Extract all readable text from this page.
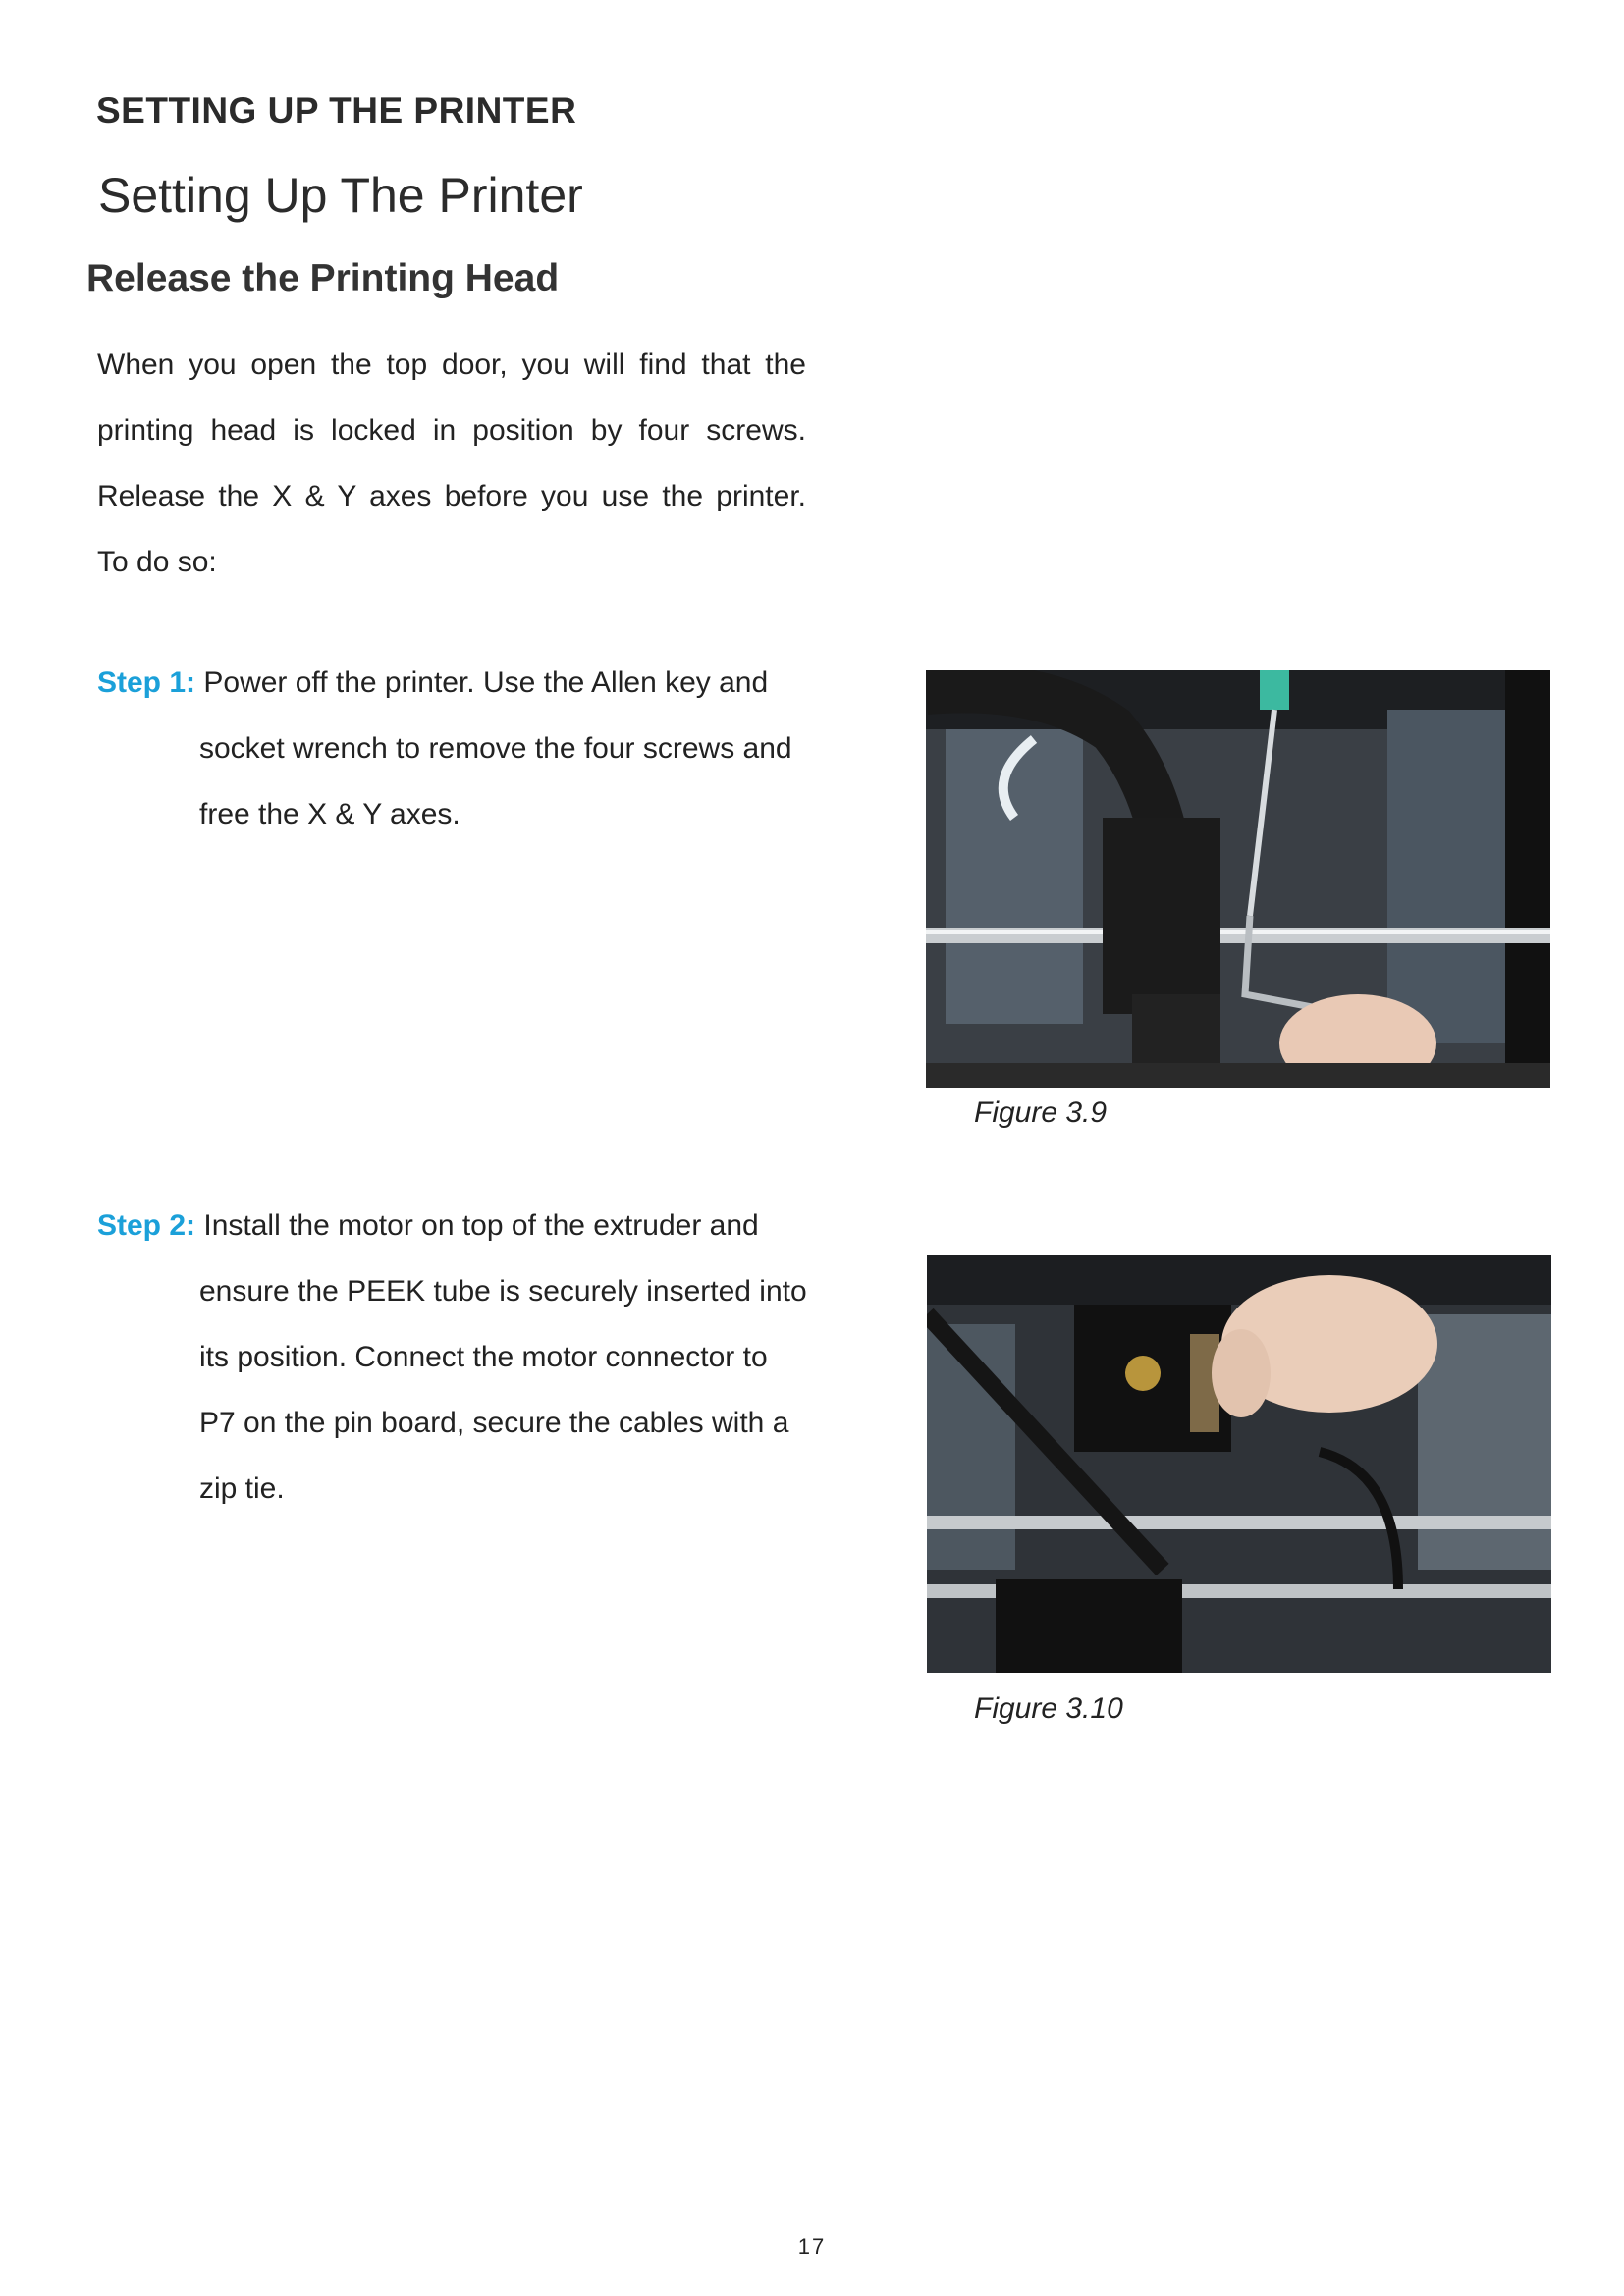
SETTING UP THE PRINTER
Setting Up The Printer
Release the Printing Head

When you open the top door, you will find that the

printing head is locked in position by four screws.

Release the X & Y axes before you use the printer.

To do so:

Step 1: Power off the printer. Use the Allen key and
socket wrench to remove the four screws and
free the X & Y axes.
Figure 3.9
Step 2: Install the motor on top of the extruder and
ensure the PEEK tube is securely inserted into
its position. Connect the motor connector to
P7 on the pin board, secure the cables with a
zip tie.
Figure 3.10
17
